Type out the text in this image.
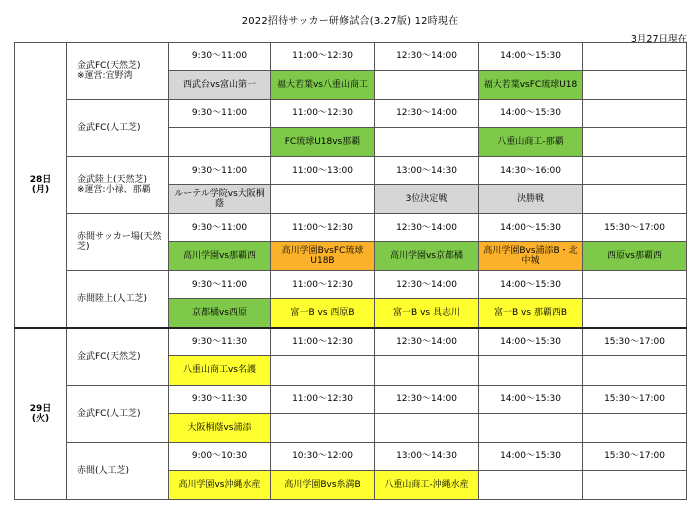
2022招待サッカー研修試合(3.27版) 12時現在
3月27日現在
28日
(月)	金武FC(天然芝)
※運営:宜野湾	9:30〜11:00	11:00〜12:30	12:30〜14:00	14:00〜15:30	
		西武台vs富山第一	福大若葉vs八重山商工		福大若葉vsFC琉球U18	

	金武FC(人工芝)	9:30〜11:00	11:00〜12:30	12:30〜14:00	14:00〜15:30	
			FC琉球U18vs那覇		八重山商工-那覇	

	金武陸上(天然芝)
※運営:小禄、那覇	9:30〜11:00	11:00〜13:00	13:00〜14:30	14:30〜16:00	
		ルーテル学院vs大阪桐蔭		3位決定戦	決勝戦	

	赤間サッカー場(天然芝)	9:30〜11:00	11:00〜12:30	12:30〜14:00	14:00〜15:30	15:30〜17:00
		高川学園vs那覇西	高川学園BvsFC琉球U18B	高川学園vs京都橘	高川学園Bvs浦添B・北中城	西原vs那覇西

	赤間陸上(人工芝)	9:30〜11:00	11:00〜12:30	12:30〜14:00	14:00〜15:30	
		京都橘vs西原	富一B vs 西原B	富一B vs 具志川	富一B vs 那覇西B	
29日
(火)	金武FC(天然芝)	9:30〜11:30	11:00〜12:30	12:30〜14:00	14:00〜15:30	15:30〜17:00
		八重山商工vs名護				

	金武FC(人工芝)	9:30〜11:30	11:00〜12:30	12:30〜14:00	14:00〜15:30	15:30〜17:00
		大阪桐蔭vs浦添				

	赤間(人工芝)	9:00〜10:30	10:30〜12:00	13:00〜14:30	14:00〜15:30	15:30〜17:00
		高川学園vs沖縄水産	高川学園Bvs糸満B	八重山商工-沖縄水産		
